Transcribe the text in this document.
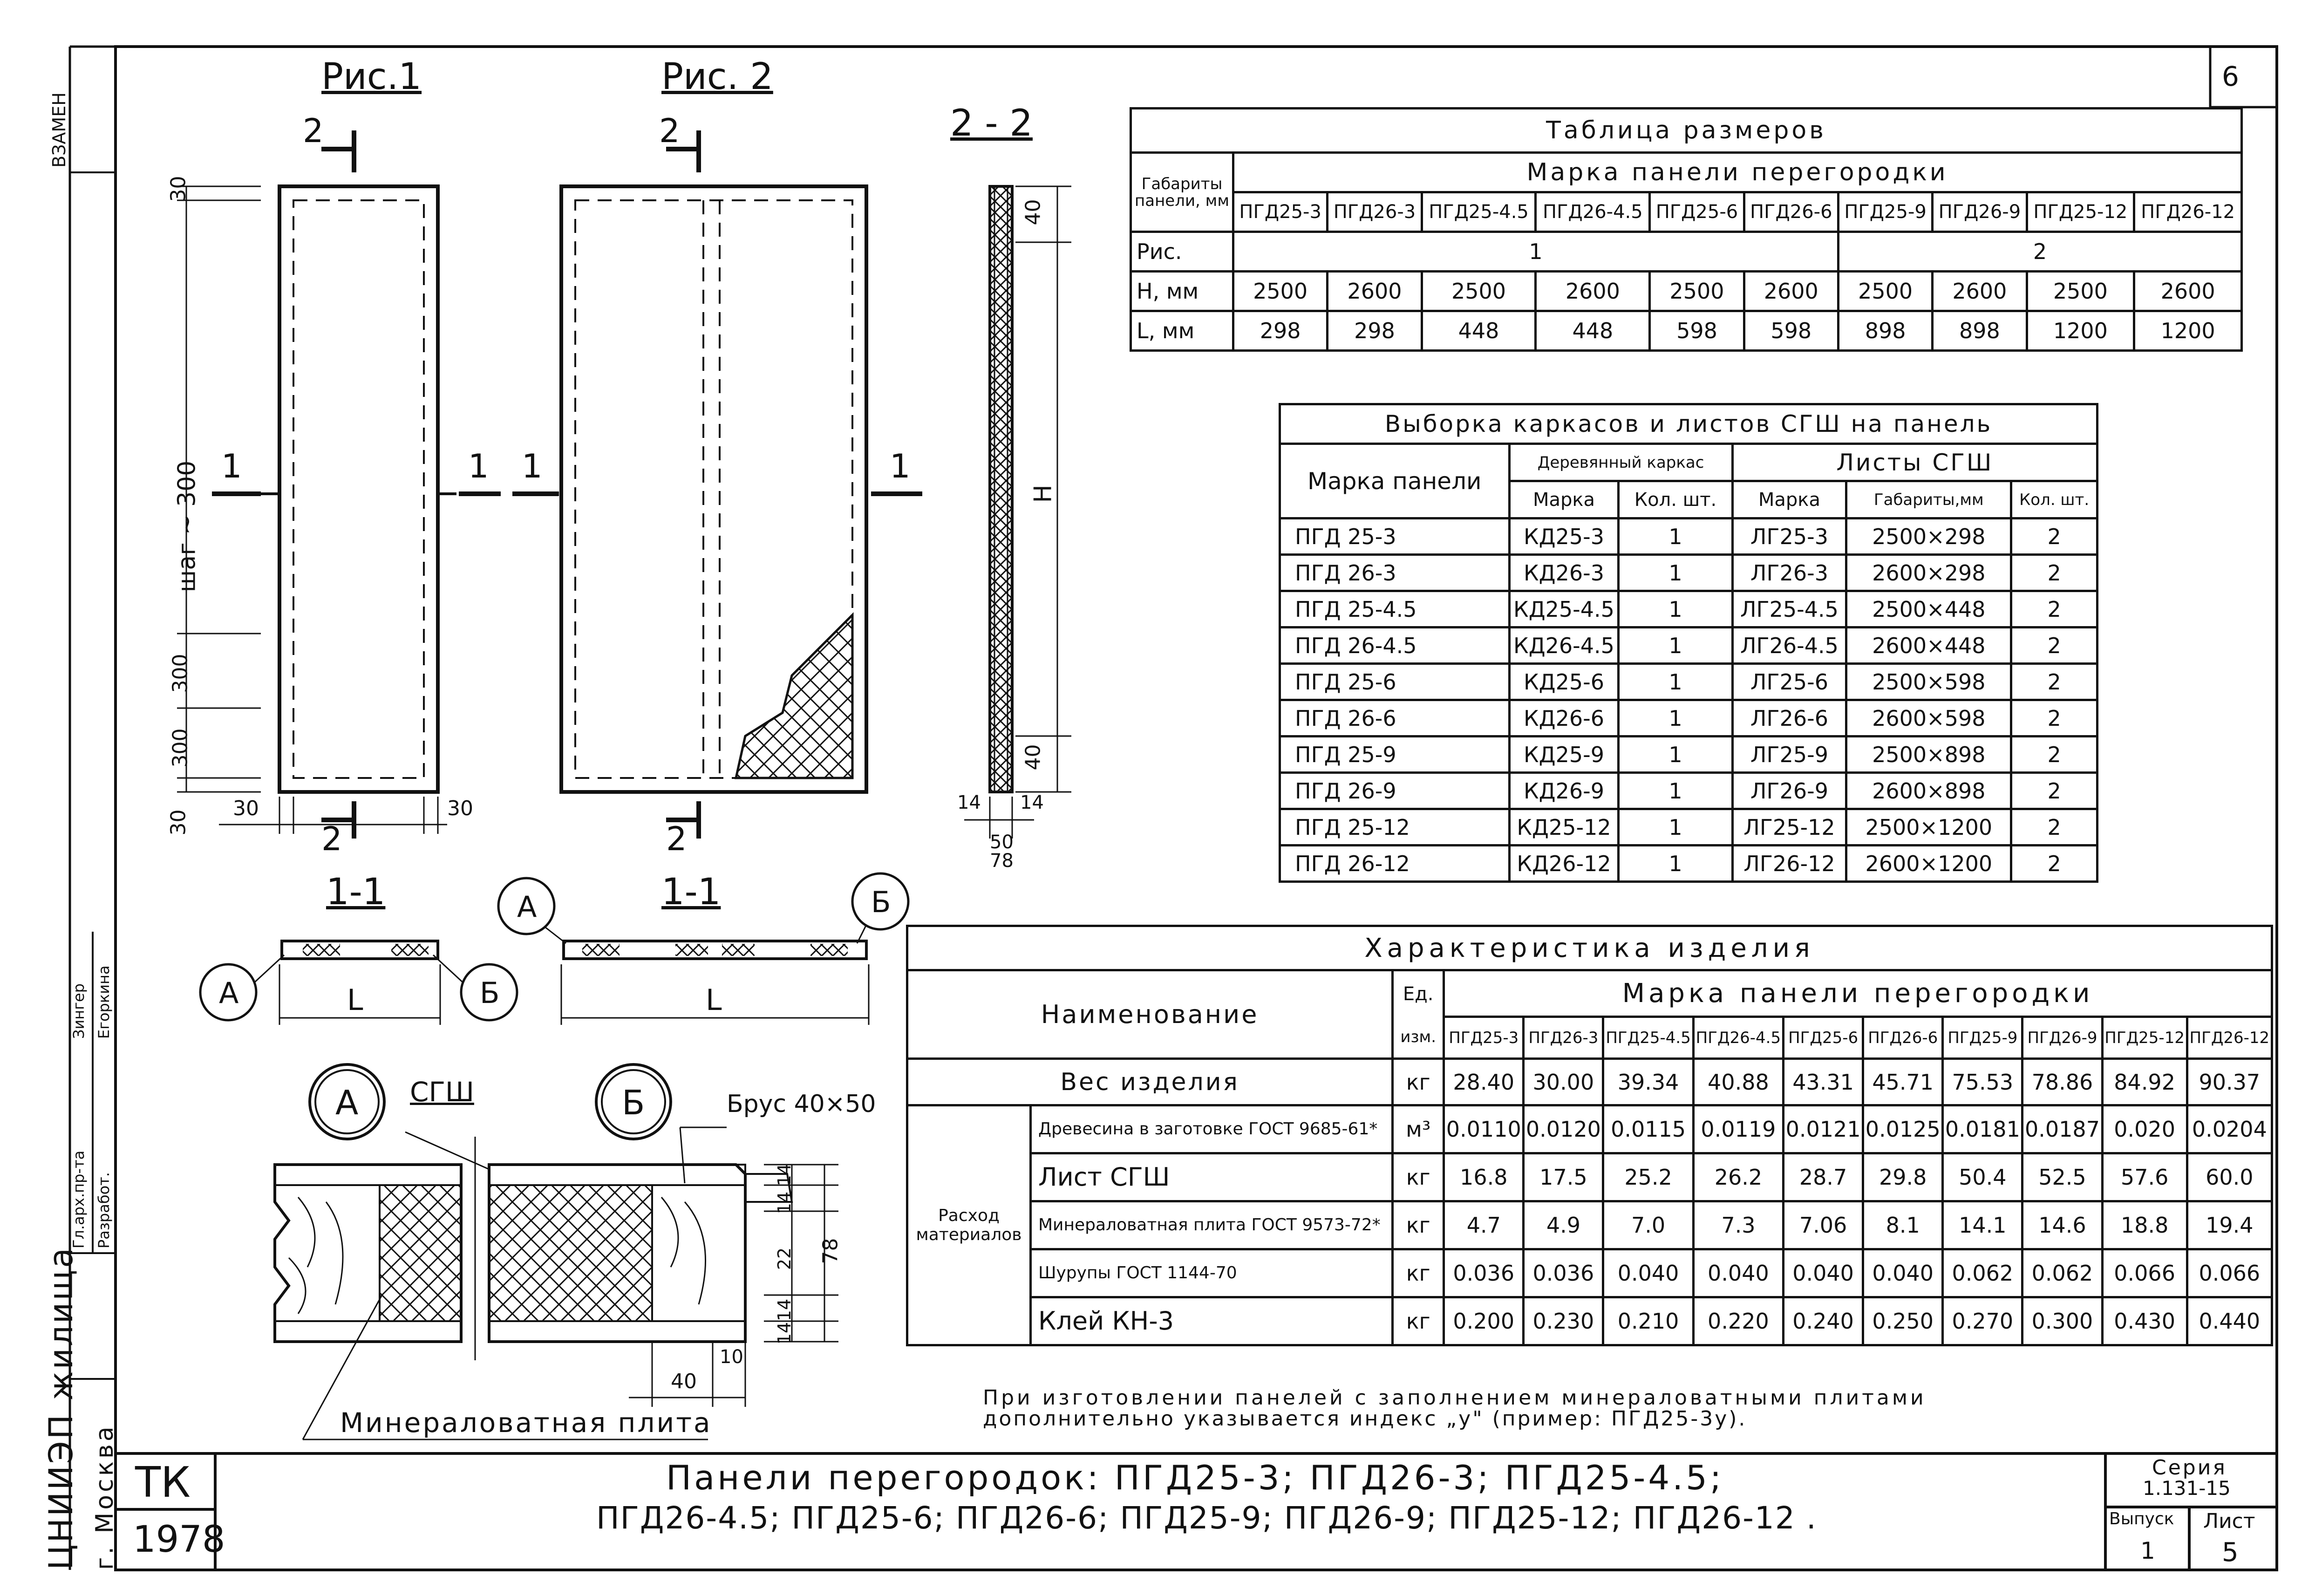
6
ВЗАМЕН
Рис.1	Рис. 2
2 - 2
2
2
1	1
2
2
1	1
30
шаг ~ 300
300
300
30
30	30
40
40
H
14 14
50
78
1-1	1-1
А	Б
А	Б
L	L
А	Б
СГШ	Брус 40×50
Минераловатная плита
14
14
22
14
14
78
40
10
Таблица размеров										
Габариты панели, мм	Марка панели перегородки									
	ПГД25-3	ПГД26-3	ПГД25-4.5	ПГД26-4.5	ПГД25-6	ПГД26-6	ПГД25-9	ПГД26-9	ПГД25-12	ПГД26-12
Рис.	1						2			
H, мм	2500	2600	2500	2600	2500	2600	2500	2600	2500	2600
L, мм	298	298	448	448	598	598	898	898	1200	1200
Выборка каркасов и листов СГШ на панель					
Марка панели	Деревянный каркас		Листы СГШ		
	Марка	Кол. шт.	Марка	Габариты,мм	Кол. шт.
ПГД 25-3	КД25-3	1	ЛГ25-3	2500×298	2
ПГД 26-3	КД26-3	1	ЛГ26-3	2600×298	2
ПГД 25-4.5	КД25-4.5	1	ЛГ25-4.5	2500×448	2
ПГД 26-4.5	КД26-4.5	1	ЛГ26-4.5	2600×448	2
ПГД 25-6	КД25-6	1	ЛГ25-6	2500×598	2
ПГД 26-6	КД26-6	1	ЛГ26-6	2600×598	2
ПГД 25-9	КД25-9	1	ЛГ25-9	2500×898	2
ПГД 26-9	КД26-9	1	ЛГ26-9	2600×898	2
ПГД 25-12	КД25-12	1	ЛГ25-12	2500×1200	2
ПГД 26-12	КД26-12	1	ЛГ26-12	2600×1200	2
Характеристика изделия												
Наименование		Ед.	Марка панели перегородки									
		изм.	ПГД25-3	ПГД26-3	ПГД25-4.5	ПГД26-4.5	ПГД25-6	ПГД26-6	ПГД25-9	ПГД26-9	ПГД25-12	ПГД26-12
Вес изделия		кг	28.40	30.00	39.34	40.88	43.31	45.71	75.53	78.86	84.92	90.37
Расход материалов	Древесина в заготовке ГОСТ 9685-61*	м³	0.0110	0.0120	0.0115	0.0119	0.0121	0.0125	0.0181	0.0187	0.020	0.0204
	Лист СГШ	кг	16.8	17.5	25.2	26.2	28.7	29.8	50.4	52.5	57.6	60.0
	Минераловатная плита ГОСТ 9573-72*	кг	4.7	4.9	7.0	7.3	7.06	8.1	14.1	14.6	18.8	19.4
	Шурупы ГОСТ 1144-70	кг	0.036	0.036	0.040	0.040	0.040	0.040	0.062	0.062	0.066	0.066
	Клей КН-3	кг	0.200	0.230	0.210	0.220	0.240	0.250	0.270	0.300	0.430	0.440
При изготовлении панелей с заполнением минераловатными плитами
дополнительно указывается индекс „у" (пример: ПГД25-3у).
ТК
1978
Панели перегородок: ПГД25-3; ПГД26-3; ПГД25-4.5;
ПГД26-4.5; ПГД25-6; ПГД26-6; ПГД25-9; ПГД26-9; ПГД25-12; ПГД26-12 .
Серия
1.131-15
Выпуск
1
Лист
5
ЦНИИЭП жилища г. Москва
Гл.арх.пр-та Разработ.
Зингер Егоркина
